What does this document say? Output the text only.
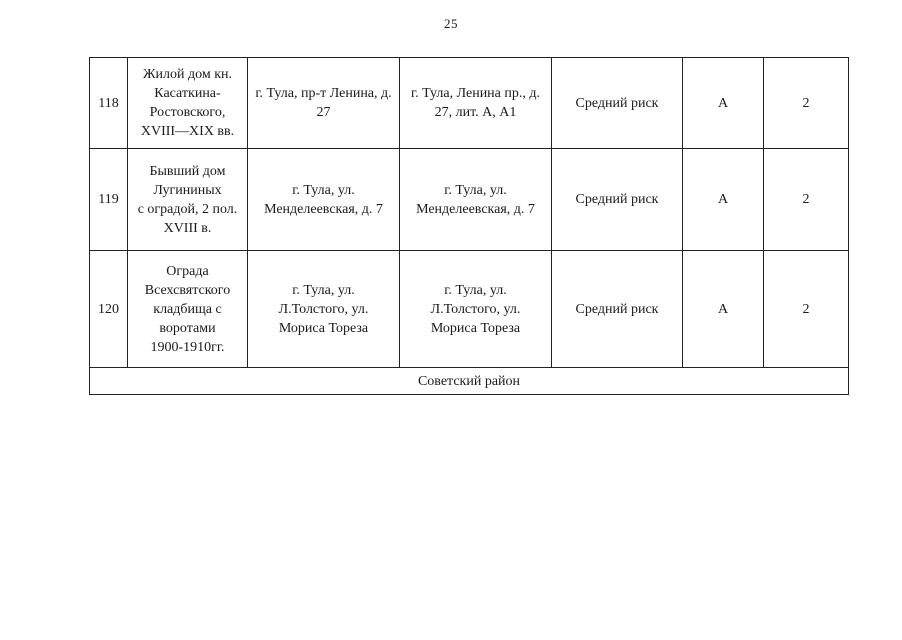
25
118	Жилой дом кн.
Касаткина-
Ростовского,
XVIII—XIX вв.	г. Тула, пр-т Ленина, д.
27	г. Тула, Ленина пр., д.
27, лит. А, А1	Средний риск	А	2
119	Бывший дом
Лугининых
с оградой, 2 пол.
XVIII в.	г. Тула, ул.
Менделеевская, д. 7	г. Тула, ул.
Менделеевская, д. 7	Средний риск	А	2
120	Ограда
Всехсвятского
кладбища с
воротами
1900-1910гг.	г. Тула, ул.
Л.Толстого, ул.
Мориса Тореза	г. Тула, ул.
Л.Толстого, ул.
Мориса Тореза	Средний риск	А	2
Советский район						
